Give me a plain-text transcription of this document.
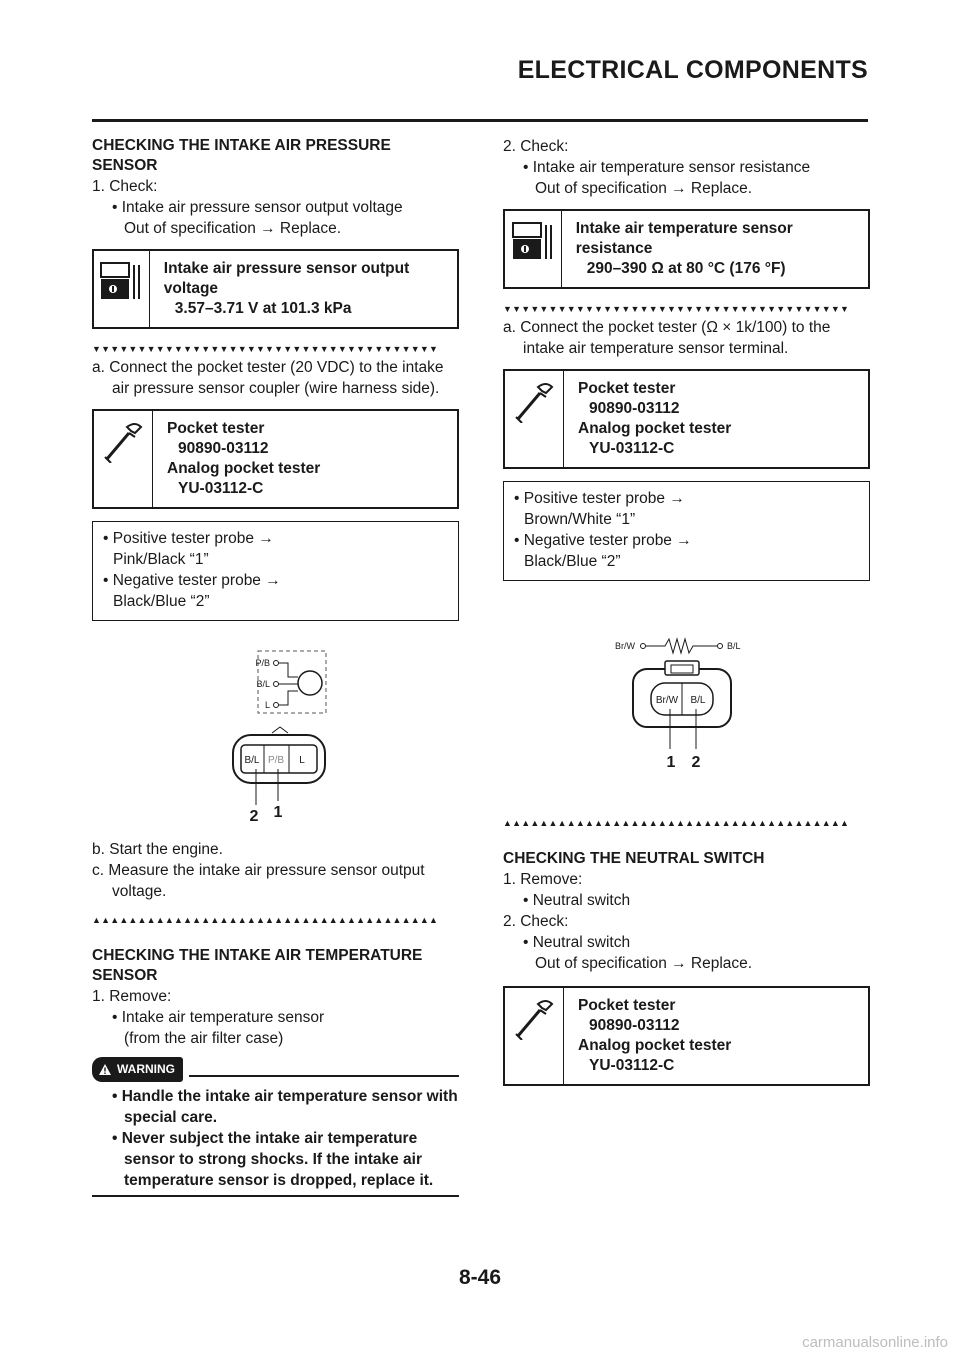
ELECTRICAL COMPONENTS
CHECKING THE INTAKE AIR PRESSURE SENSOR
1. Check:
• Intake air pressure sensor output voltage
Out of specification → Replace.
Intake air pressure sensor output voltage
3.57–3.71 V at 101.3 kPa
▼▼▼▼▼▼▼▼▼▼▼▼▼▼▼▼▼▼▼▼▼▼▼▼▼▼▼▼▼▼▼▼▼▼▼▼▼▼
a. Connect the pocket tester (20 VDC) to the intake air pressure sensor coupler (wire harness side).
Pocket tester
90890-03112
Analog pocket tester
YU-03112-C
• Positive tester probe →
Pink/Black “1”
• Negative tester probe →
Black/Blue “2”
P/B
B/L
L
B/L P/B L
2 1
b. Start the engine.
c. Measure the intake air pressure sensor output voltage.
▲▲▲▲▲▲▲▲▲▲▲▲▲▲▲▲▲▲▲▲▲▲▲▲▲▲▲▲▲▲▲▲▲▲▲▲▲▲
CHECKING THE INTAKE AIR TEMPERATURE SENSOR
1. Remove:
• Intake air temperature sensor
(from the air filter case)
WARNING
• Handle the intake air temperature sensor with special care.
• Never subject the intake air temperature sensor to strong shocks. If the intake air temperature sensor is dropped, replace it.
2. Check:
• Intake air temperature sensor resistance
Out of specification → Replace.
Intake air temperature sensor resistance
290–390 Ω at 80 °C (176 °F)
▼▼▼▼▼▼▼▼▼▼▼▼▼▼▼▼▼▼▼▼▼▼▼▼▼▼▼▼▼▼▼▼▼▼▼▼▼▼
a. Connect the pocket tester (Ω × 1k/100) to the intake air temperature sensor terminal.
Pocket tester
90890-03112
Analog pocket tester
YU-03112-C
• Positive tester probe →
Brown/White “1”
• Negative tester probe →
Black/Blue “2”
Br/W	B/L
Br/W B/L
1 2
▲▲▲▲▲▲▲▲▲▲▲▲▲▲▲▲▲▲▲▲▲▲▲▲▲▲▲▲▲▲▲▲▲▲▲▲▲▲
CHECKING THE NEUTRAL SWITCH
1. Remove:
• Neutral switch
2. Check:
• Neutral switch
Out of specification → Replace.
Pocket tester
90890-03112
Analog pocket tester
YU-03112-C
8-46
carmanualsonline.info
